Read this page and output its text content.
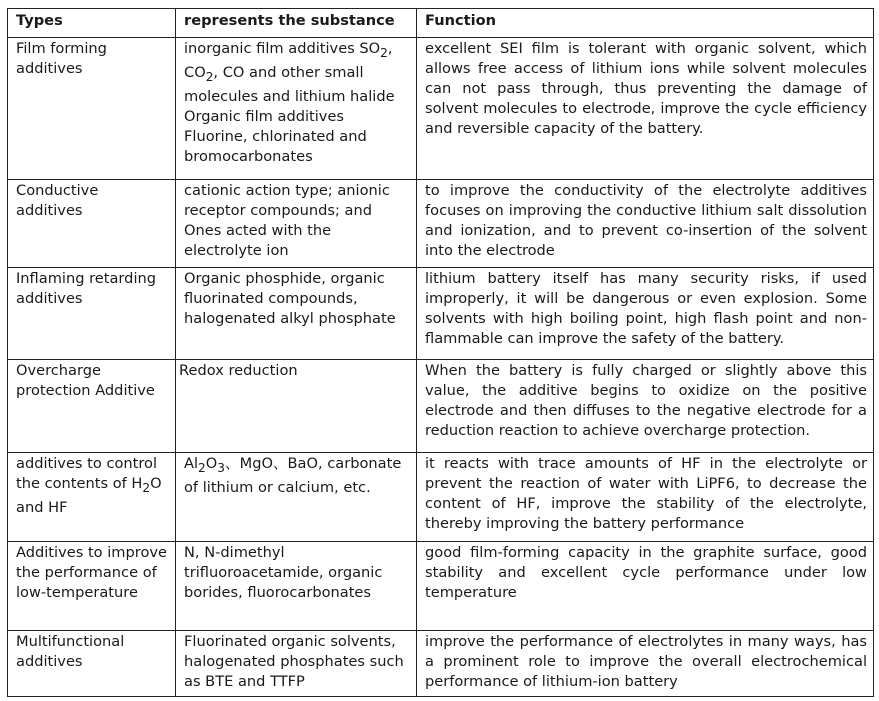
Types	represents the substance	Function
Film forming additives	inorganic film additives $SO_2$, $CO_2$, CO and other small molecules and lithium halide Organic film additives Fluorine, chlorinated and bromocarbonates	excellent SEI film is tolerant with organic solvent, which allows free access of lithium ions while solvent molecules can not pass through, thus preventing the damage of solvent molecules to electrode, improve the cycle efficiency and reversible capacity of the battery.
Conductive additives	cationic action type; anionic receptor compounds; and Ones acted with the electrolyte ion	to improve the conductivity of the electrolyte additives focuses on improving the conductive lithium salt dissolution and ionization, and to prevent co-insertion of the solvent into the electrode
Inflaming retarding additives	Organic phosphide, organic fluorinated compounds, halogenated alkyl phosphate	lithium battery itself has many security risks, if used improperly, it will be dangerous or even explosion. Some solvents with high boiling point, high flash point and non-flammable can improve the safety of the battery.
Overcharge protection Additive	Redox reduction	When the battery is fully charged or slightly above this value, the additive begins to oxidize on the positive electrode and then diffuses to the negative electrode for a reduction reaction to achieve overcharge protection.
additives to control the contents of $H_2O$ and HF	$Al_2O_3$、MgO、BaO, carbonate of lithium or calcium, etc.	it reacts with trace amounts of HF in the electrolyte or prevent the reaction of water with LiPF6, to decrease the content of HF, improve the stability of the electrolyte, thereby improving the battery performance
Additives to improve the performance of low-temperature	N, N-dimethyl trifluoroacetamide, organic borides, fluorocarbonates	good film-forming capacity in the graphite surface, good stability and excellent cycle performance under low temperature
Multifunctional additives	Fluorinated organic solvents, halogenated phosphates such as BTE and TTFP	improve the performance of electrolytes in many ways, has a prominent role to improve the overall electrochemical performance of lithium-ion battery
